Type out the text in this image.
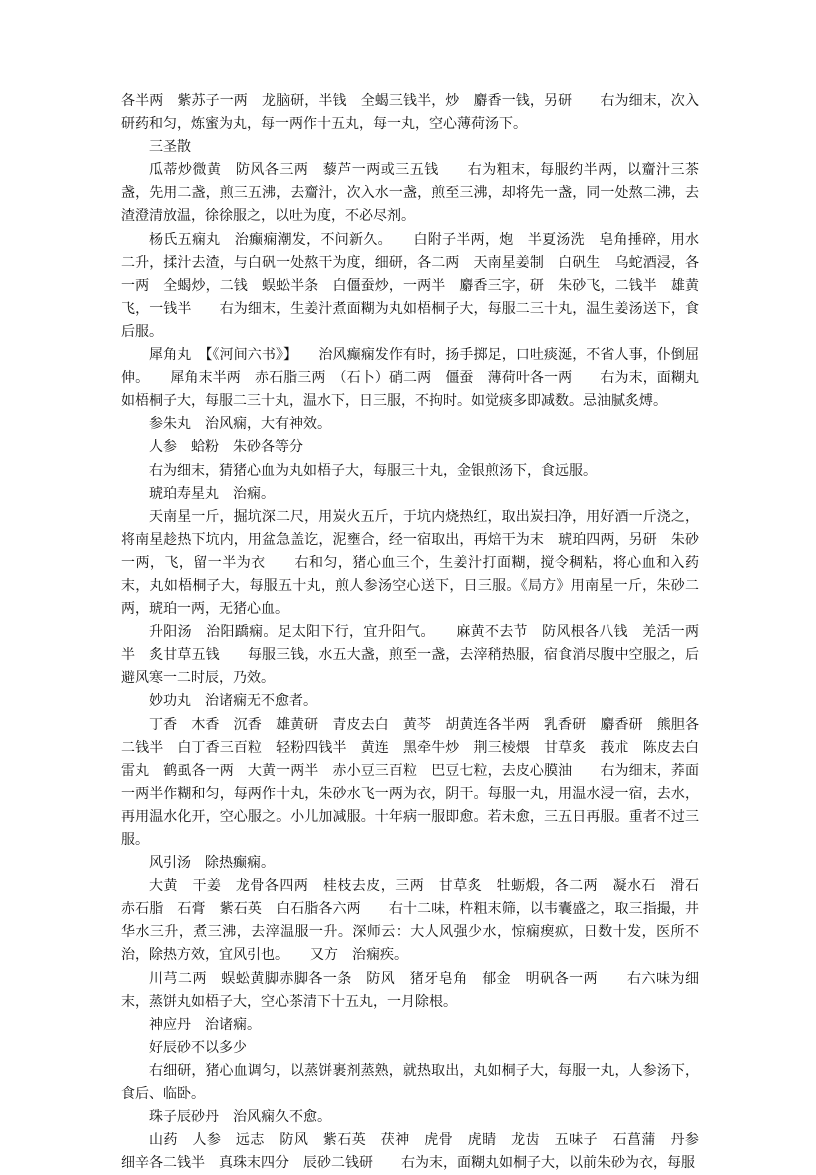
各半两　紫苏子一两　龙脑研，半钱　全蝎三钱半，炒　麝香一钱，另研　　右为细末，次入研药和匀，炼蜜为丸，每一两作十五丸，每一丸，空心薄荷汤下。

三圣散

瓜蒂炒微黄　防风各三两　藜芦一两或三五钱　　右为粗末，每服约半两，以齏汁三茶盏，先用二盏，煎三五沸，去齏汁，次入水一盏，煎至三沸，却将先一盏，同一处熬二沸，去渣澄清放温，徐徐服之，以吐为度，不必尽剂。

杨氏五痫丸　治癫痫潮发，不问新久。　　白附子半两，炮　半夏汤洗　皂角捶碎，用水二升，揉汁去渣，与白矾一处熬干为度，细研，各二两　天南星姜制　白矾生　乌蛇酒浸，各一两　全蝎炒，二钱　蜈蚣半条　白僵蚕炒，一两半　麝香三字，研　朱砂飞，二钱半　雄黄飞，一钱半　　右为细末，生姜汁煮面糊为丸如梧桐子大，每服二三十丸，温生姜汤送下，食后服。

犀角丸　【《河间六书》】　　治风癫痫发作有时，扬手掷足，口吐痰涎，不省人事，仆倒屈伸。　　犀角末半两　赤石脂三两　（石卜）硝二两　僵蚕　薄荷叶各一两　　右为末，面糊丸如梧桐子大，每服二三十丸，温水下，日三服，不拘时。如觉痰多即减数。忌油腻炙煿。

参朱丸　治风痫，大有神效。

人参　蛤粉　朱砂各等分

右为细末，猜猪心血为丸如梧子大，每服三十丸，金银煎汤下，食远服。

琥珀寿星丸　治痫。

天南星一斤，掘坑深二尺，用炭火五斤，于坑内烧热红，取出炭扫净，用好酒一斤浇之，将南星趁热下坑内，用盆急盖讫，泥壅合，经一宿取出，再焙干为末　琥珀四两，另研　朱砂一两，飞，留一半为衣　　右和匀，猪心血三个，生姜汁打面糊，搅令稠粘，将心血和入药末，丸如梧桐子大，每服五十丸，煎人参汤空心送下，日三服。《局方》用南星一斤，朱砂二两，琥珀一两，无猪心血。

升阳汤　治阳蹻痫。足太阳下行，宜升阳气。　　麻黄不去节　防风根各八钱　羌活一两半　炙甘草五钱　　每服三钱，水五大盏，煎至一盏，去滓稍热服，宿食消尽腹中空服之，后避风寒一二时辰，乃效。

妙功丸　治诸痫无不愈者。

丁香　木香　沉香　雄黄研　青皮去白　黄芩　胡黄连各半两　乳香研　麝香研　熊胆各二钱半　白丁香三百粒　轻粉四钱半　黄连　黑牵牛炒　荆三棱煨　甘草炙　莪朮　陈皮去白　雷丸　鹤虱各一两　大黄一两半　赤小豆三百粒　巴豆七粒，去皮心膜油　　右为细末，荞面一两半作糊和匀，每两作十丸，朱砂水飞一两为衣，阴干。每服一丸，用温水浸一宿，去水，再用温水化开，空心服之。小儿加减服。十年病一服即愈。若未愈，三五日再服。重者不过三服。

风引汤　除热癫痫。

大黄　干姜　龙骨各四两　桂枝去皮，三两　甘草炙　牡蛎煅，各二两　凝水石　滑石　赤石脂　石膏　紫石英　白石脂各六两　　右十二味，杵粗末筛，以韦囊盛之，取三指撮，井华水三升，煮三沸，去滓温服一升。深师云：大人风强少水，惊痫瘈疭，日数十发，医所不治，除热方效，宜风引也。　　又方　治痫疾。

川芎二两　蜈蚣黄脚赤脚各一条　防风　猪牙皂角　郁金　明矾各一两　　右六味为细末，蒸饼丸如梧子大，空心茶清下十五丸，一月除根。

神应丹　治诸痫。

好辰砂不以多少

右细研，猪心血调匀，以蒸饼裹剂蒸熟，就热取出，丸如桐子大，每服一丸，人参汤下，食后、临卧。

珠子辰砂丹　治风痫久不愈。

山药　人参　远志　防风　紫石英　茯神　虎骨　虎睛　龙齿　五味子　石菖蒲　丹参　细辛各二钱半　真珠末四分　辰砂二钱研　　右为末，面糊丸如桐子大，以前朱砂为衣，每服
